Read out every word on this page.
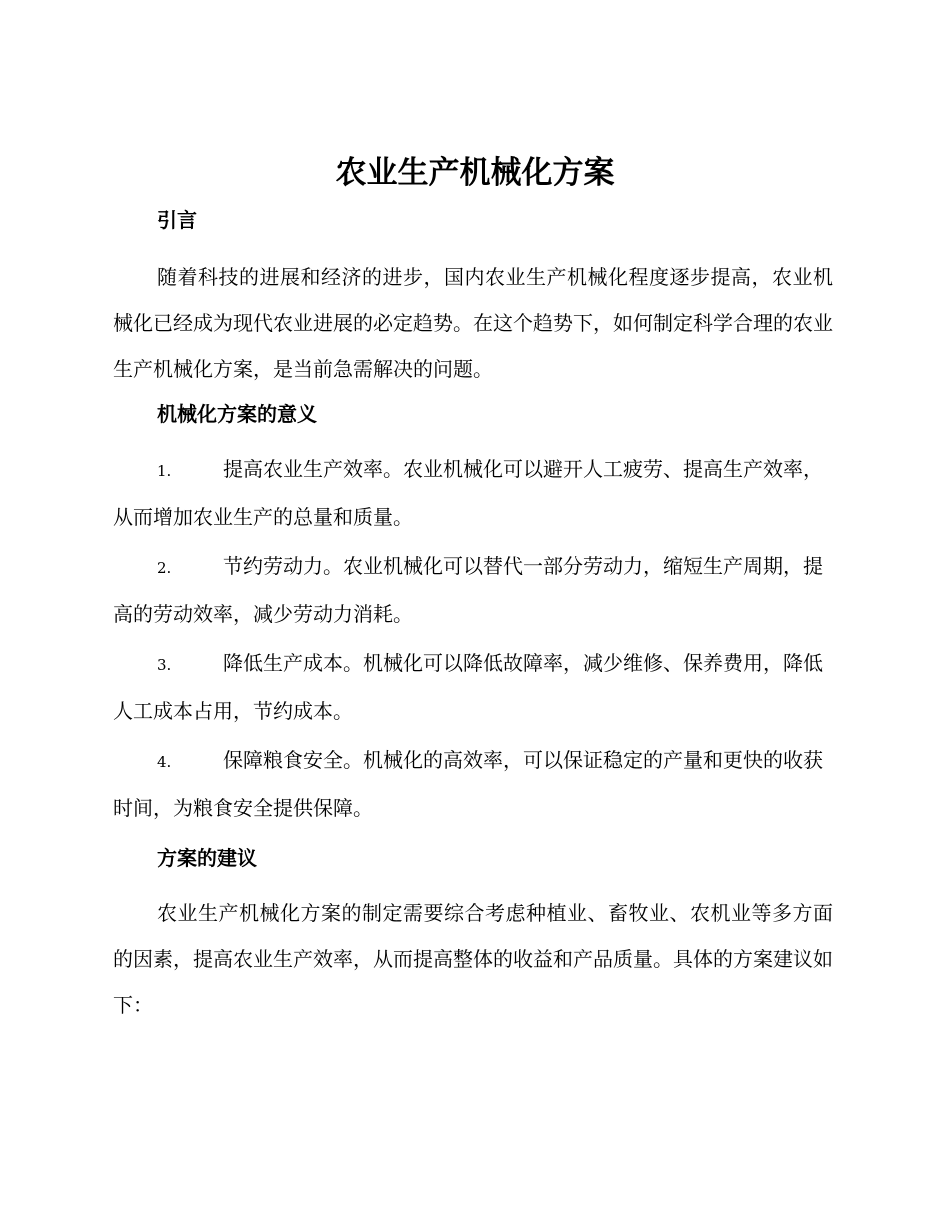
农业生产机械化方案
引言

随着科技的进展和经济的进步，国内农业生产机械化程度逐步提高，农业机械化已经成为现代农业进展的必定趋势。在这个趋势下，如何制定科学合理的农业生产机械化方案，是当前急需解决的问题。

机械化方案的意义
1.	提高农业生产效率。农业机械化可以避开人工疲劳、提高生产效率，从而增加农业生产的总量和质量。
2.	节约劳动力。农业机械化可以替代一部分劳动力，缩短生产周期，提高的劳动效率，减少劳动力消耗。
3.	降低生产成本。机械化可以降低故障率，减少维修、保养费用，降低人工成本占用，节约成本。
4.	保障粮食安全。机械化的高效率，可以保证稳定的产量和更快的收获时间，为粮食安全提供保障。
方案的建议

农业生产机械化方案的制定需要综合考虑种植业、畜牧业、农机业等多方面的因素，提高农业生产效率，从而提高整体的收益和产品质量。具体的方案建议如下：
